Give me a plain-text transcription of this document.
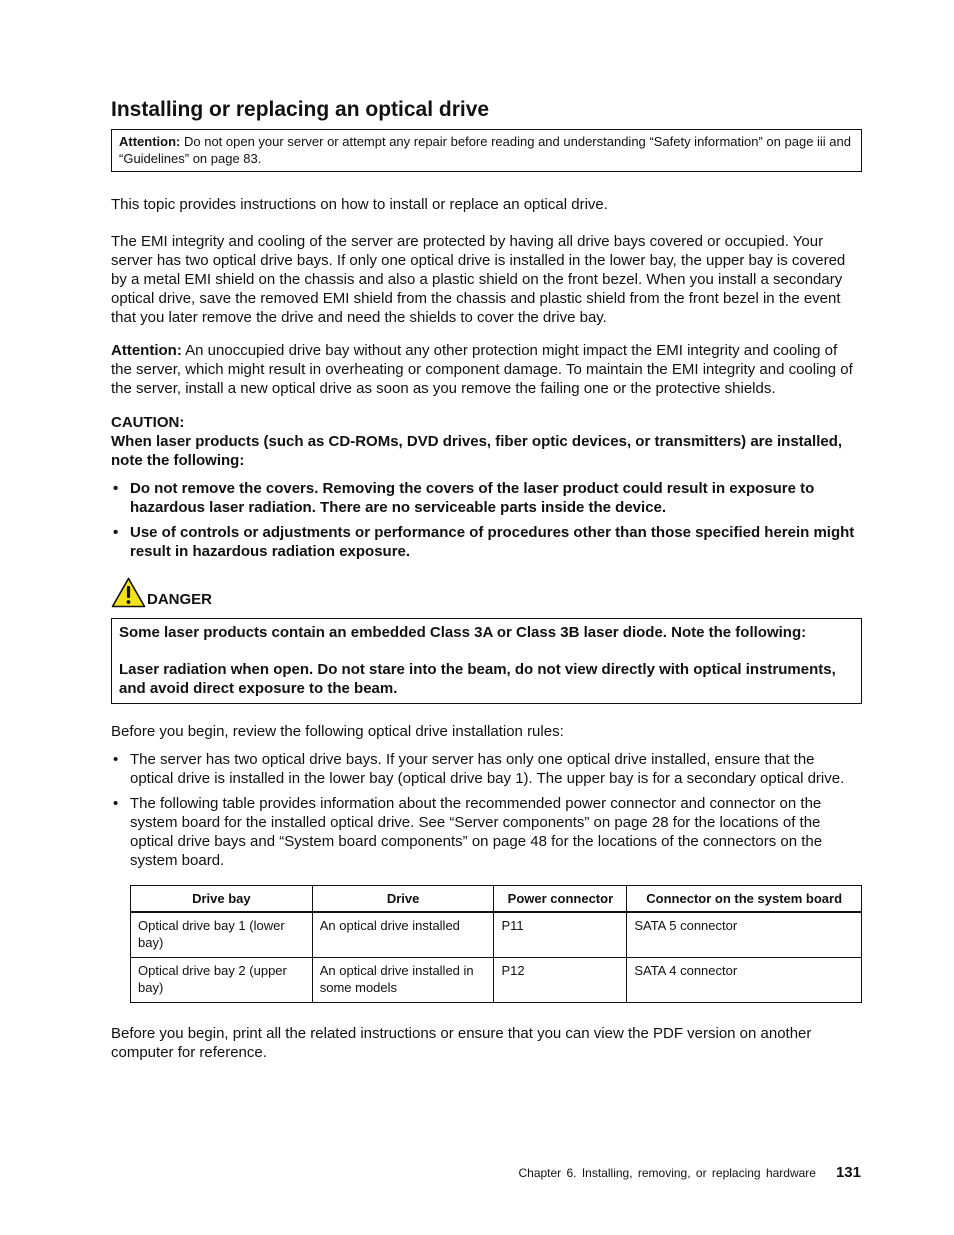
Installing or replacing an optical drive
Attention: Do not open your server or attempt any repair before reading and understanding “Safety information” on page iii and “Guidelines” on page 83.

This topic provides instructions on how to install or replace an optical drive.

The EMI integrity and cooling of the server are protected by having all drive bays covered or occupied. Your server has two optical drive bays. If only one optical drive is installed in the lower bay, the upper bay is covered by a metal EMI shield on the chassis and also a plastic shield on the front bezel. When you install a secondary optical drive, save the removed EMI shield from the chassis and plastic shield from the front bezel in the event that you later remove the drive and need the shields to cover the drive bay.

Attention: An unoccupied drive bay without any other protection might impact the EMI integrity and cooling of the server, which might result in overheating or component damage. To maintain the EMI integrity and cooling of the server, install a new optical drive as soon as you remove the failing one or the protective shields.

CAUTION:

When laser products (such as CD-ROMs, DVD drives, fiber optic devices, or transmitters) are installed, note the following:

• Do not remove the covers. Removing the covers of the laser product could result in exposure to hazardous laser radiation. There are no serviceable parts inside the device.
• Use of controls or adjustments or performance of procedures other than those specified herein might result in hazardous radiation exposure.
DANGER
Some laser products contain an embedded Class 3A or Class 3B laser diode. Note the following:
Laser radiation when open. Do not stare into the beam, do not view directly with optical instruments, and avoid direct exposure to the beam.

Before you begin, review the following optical drive installation rules:

• The server has two optical drive bays. If your server has only one optical drive installed, ensure that the optical drive is installed in the lower bay (optical drive bay 1). The upper bay is for a secondary optical drive.
• The following table provides information about the recommended power connector and connector on the system board for the installed optical drive. See “Server components” on page 28 for the locations of the optical drive bays and “System board components” on page 48 for the locations of the connectors on the system board.
Drive bay	Drive	Power connector	Connector on the system board
Optical drive bay 1 (lower bay)	An optical drive installed	P11	SATA 5 connector
Optical drive bay 2 (upper bay)	An optical drive installed in some models	P12	SATA 4 connector

Before you begin, print all the related instructions or ensure that you can view the PDF version on another computer for reference.

Chapter 6. Installing, removing, or replacing hardware 131
